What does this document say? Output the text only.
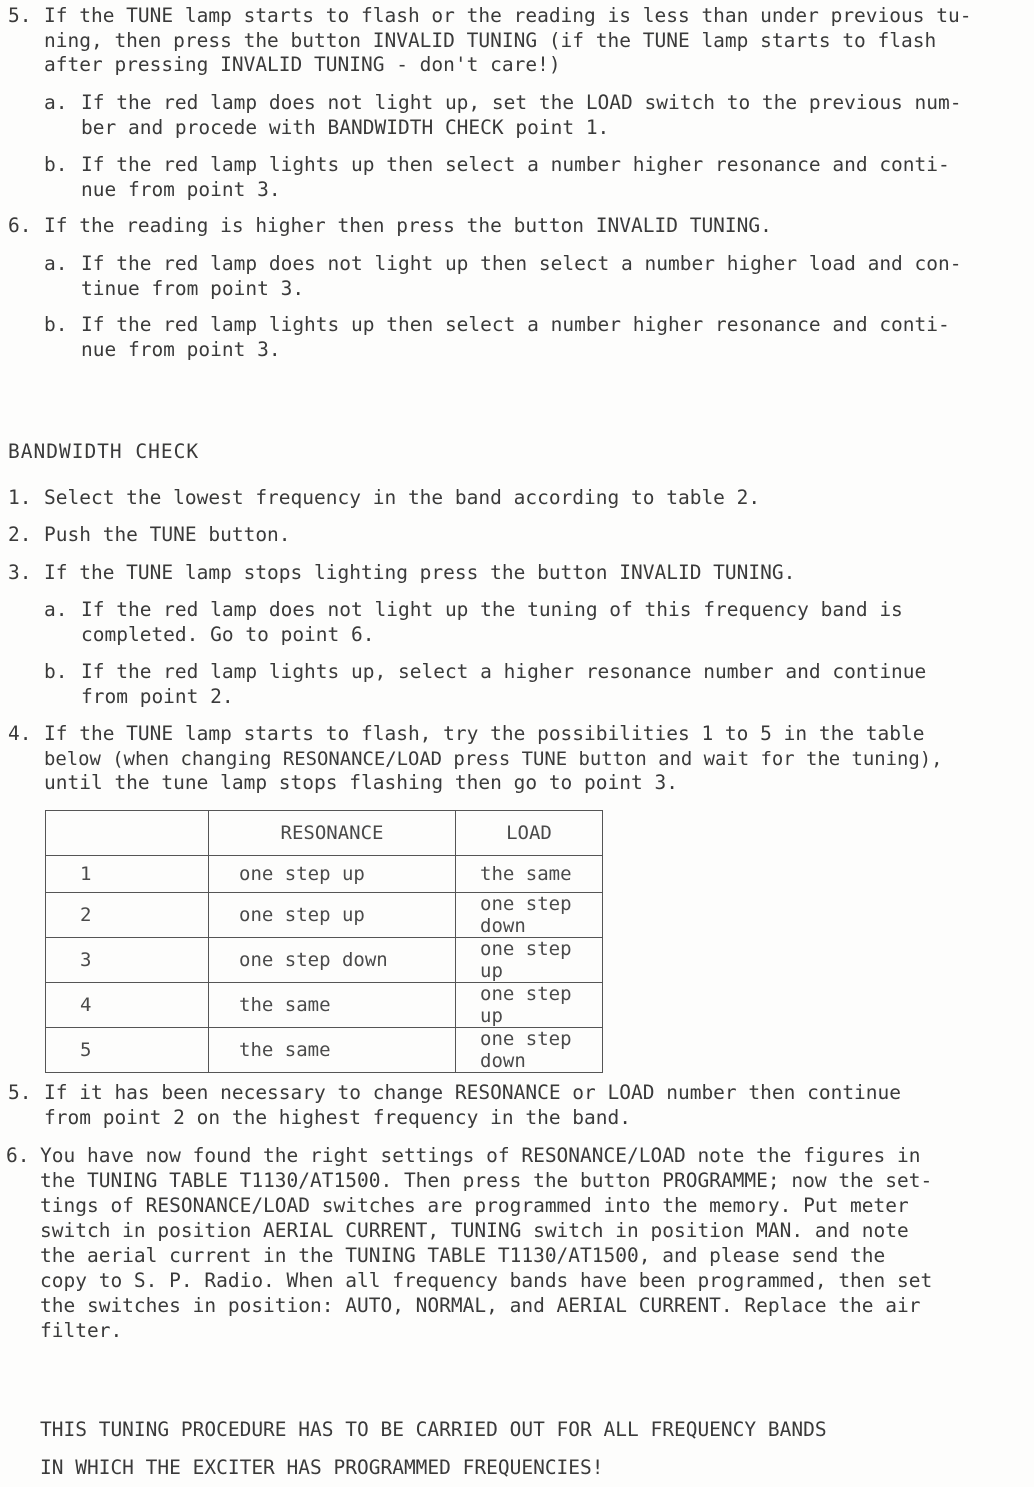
5. If the TUNE lamp starts to flash or the reading is less than under previous tu-
ning, then press the button INVALID TUNING (if the TUNE lamp starts to flash
after pressing INVALID TUNING - don't care!)
a. If the red lamp does not light up, set the LOAD switch to the previous num-
ber and procede with BANDWIDTH CHECK point 1.
b. If the red lamp lights up then select a number higher resonance and conti-
nue from point 3.
6. If the reading is higher then press the button INVALID TUNING.
a. If the red lamp does not light up then select a number higher load and con-
tinue from point 3.
b. If the red lamp lights up then select a number higher resonance and conti-
nue from point 3.
BANDWIDTH CHECK
1. Select the lowest frequency in the band according to table 2.
2. Push the TUNE button.
3. If the TUNE lamp stops lighting press the button INVALID TUNING.
a. If the red lamp does not light up the tuning of this frequency band is
completed. Go to point 6.
b. If the red lamp lights up, select a higher resonance number and continue
from point 2.
4. If the TUNE lamp starts to flash, try the possibilities 1 to 5 in the table
below (when changing RESONANCE/LOAD press TUNE button and wait for the tuning),
until the tune lamp stops flashing then go to point 3.
	RESONANCE	LOAD
1	one step up	the same
2	one step up	one step down
3	one step down	one step up
4	the same	one step up
5	the same	one step down
5. If it has been necessary to change RESONANCE or LOAD number then continue
from point 2 on the highest frequency in the band.
6. You have now found the right settings of RESONANCE/LOAD note the figures in
the TUNING TABLE T1130/AT1500. Then press the button PROGRAMME; now the set-
tings of RESONANCE/LOAD switches are programmed into the memory. Put meter
switch in position AERIAL CURRENT, TUNING switch in position MAN. and note
the aerial current in the TUNING TABLE T1130/AT1500, and please send the
copy to S. P. Radio. When all frequency bands have been programmed, then set
the switches in position: AUTO, NORMAL, and AERIAL CURRENT. Replace the air
filter.
THIS TUNING PROCEDURE HAS TO BE CARRIED OUT FOR ALL FREQUENCY BANDS
IN WHICH THE EXCITER HAS PROGRAMMED FREQUENCIES!
